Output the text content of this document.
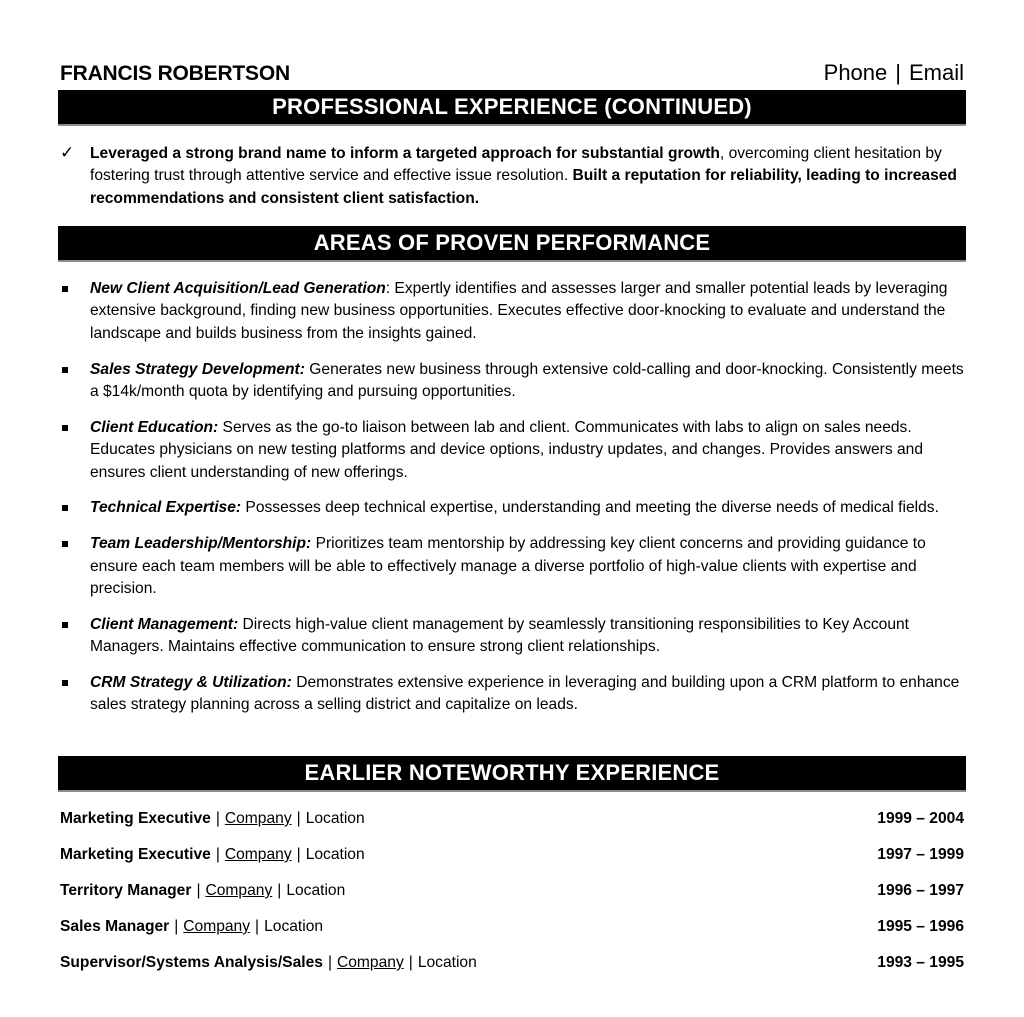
FRANCIS ROBERTSON	Phone | Email
PROFESSIONAL EXPERIENCE (CONTINUED)
✓ Leveraged a strong brand name to inform a targeted approach for substantial growth, overcoming client hesitation by fostering trust through attentive service and effective issue resolution. Built a reputation for reliability, leading to increased recommendations and consistent client satisfaction.
AREAS OF PROVEN PERFORMANCE
New Client Acquisition/Lead Generation: Expertly identifies and assesses larger and smaller potential leads by leveraging extensive background, finding new business opportunities. Executes effective door-knocking to evaluate and understand the landscape and builds business from the insights gained.
Sales Strategy Development: Generates new business through extensive cold-calling and door-knocking. Consistently meets a $14k/month quota by identifying and pursuing opportunities.
Client Education: Serves as the go-to liaison between lab and client. Communicates with labs to align on sales needs. Educates physicians on new testing platforms and device options, industry updates, and changes. Provides answers and ensures client understanding of new offerings.
Technical Expertise: Possesses deep technical expertise, understanding and meeting the diverse needs of medical fields.
Team Leadership/Mentorship: Prioritizes team mentorship by addressing key client concerns and providing guidance to ensure each team members will be able to effectively manage a diverse portfolio of high-value clients with expertise and precision.
Client Management: Directs high-value client management by seamlessly transitioning responsibilities to Key Account Managers. Maintains effective communication to ensure strong client relationships.
CRM Strategy & Utilization: Demonstrates extensive experience in leveraging and building upon a CRM platform to enhance sales strategy planning across a selling district and capitalize on leads.
EARLIER NOTEWORTHY EXPERIENCE
Marketing Executive | Company | Location	1999 – 2004
Marketing Executive | Company | Location	1997 – 1999
Territory Manager | Company | Location	1996 – 1997
Sales Manager | Company | Location	1995 – 1996
Supervisor/Systems Analysis/Sales | Company | Location	1993 – 1995
